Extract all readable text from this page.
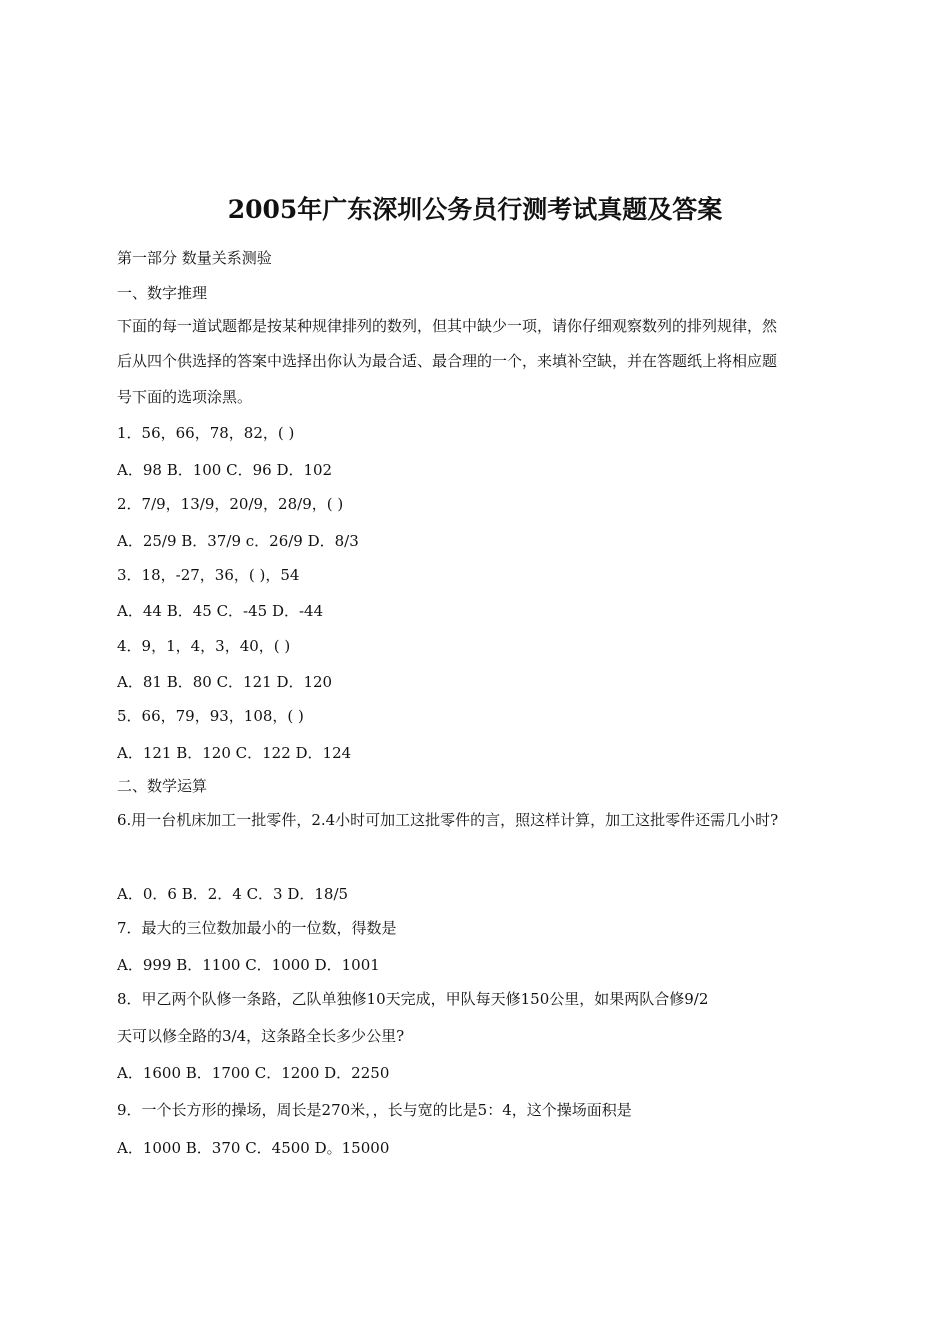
2005年广东深圳公务员行测考试真题及答案
第一部分 数量关系测验
一、数字推理
下面的每一道试题都是按某种规律排列的数列，但其中缺少一项，请你仔细观察数列的排列规律，然
后从四个供选择的答案中选择出你认为最合适、最合理的一个，来填补空缺，并在答题纸上将相应题
号下面的选项涂黑。
1．56，66，78，82，( )
A．98 B．100 C．96 D．102
2．7/9，13/9，20/9，28/9，( )
A．25/9 B．37/9 c．26/9 D．8/3
3．18，-27，36，( )，54
A．44 B．45 C．-45 D．-44
4．9，1，4，3，40，( )
A．81 B．80 C．121 D．120
5．66，79，93，108，( )
A．121 B．120 C．122 D．124
二、数学运算
6.用一台机床加工一批零件，2.4小时可加工这批零件的言，照这样计算，加工这批零件还需几小时?
A．0．6 B．2．4 C．3 D．18/5
7．最大的三位数加最小的一位数，得数是
A．999 B．1100 C．1000 D．1001
8．甲乙两个队修一条路，乙队单独修10天完成，甲队每天修150公里，如果两队合修9/2
天可以修全路的3/4，这条路全长多少公里?
A．1600 B．1700 C．1200 D．2250
9．一个长方形的操场，周长是270米，，长与宽的比是5：4，这个操场面积是
A．1000 B．370 C．4500 D。15000
